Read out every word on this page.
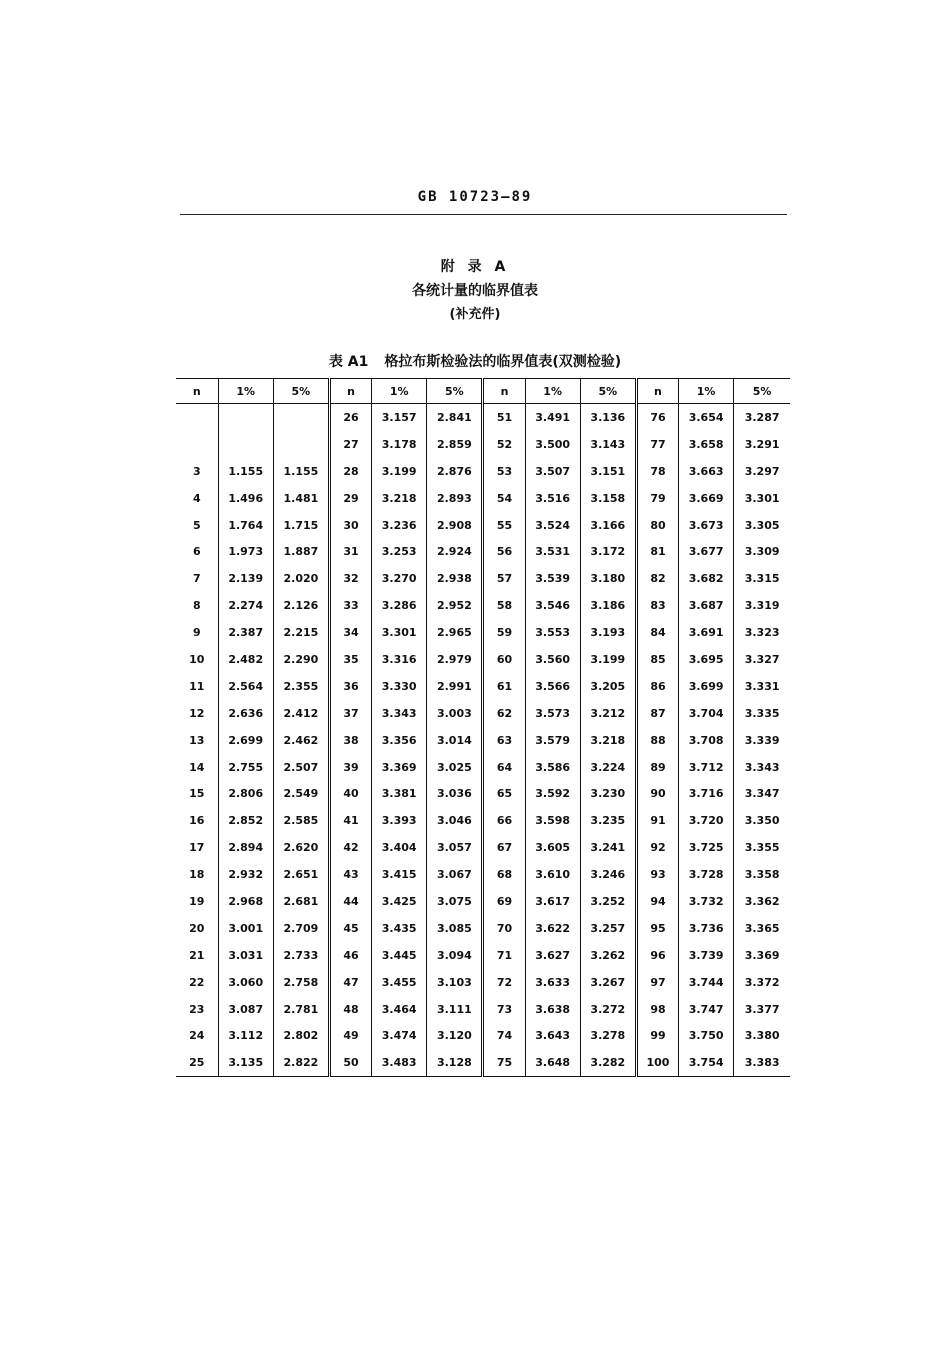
GB 10723—89
附 录 A
各统计量的临界值表
(补充件)
表 A1 格拉布斯检验法的临界值表(双测检验)
n	1%	5%	n	1%	5%	n	1%	5%	n	1%	5%
			26	3.157	2.841	51	3.491	3.136	76	3.654	3.287
			27	3.178	2.859	52	3.500	3.143	77	3.658	3.291
3	1.155	1.155	28	3.199	2.876	53	3.507	3.151	78	3.663	3.297
4	1.496	1.481	29	3.218	2.893	54	3.516	3.158	79	3.669	3.301
5	1.764	1.715	30	3.236	2.908	55	3.524	3.166	80	3.673	3.305
6	1.973	1.887	31	3.253	2.924	56	3.531	3.172	81	3.677	3.309
7	2.139	2.020	32	3.270	2.938	57	3.539	3.180	82	3.682	3.315
8	2.274	2.126	33	3.286	2.952	58	3.546	3.186	83	3.687	3.319
9	2.387	2.215	34	3.301	2.965	59	3.553	3.193	84	3.691	3.323
10	2.482	2.290	35	3.316	2.979	60	3.560	3.199	85	3.695	3.327
11	2.564	2.355	36	3.330	2.991	61	3.566	3.205	86	3.699	3.331
12	2.636	2.412	37	3.343	3.003	62	3.573	3.212	87	3.704	3.335
13	2.699	2.462	38	3.356	3.014	63	3.579	3.218	88	3.708	3.339
14	2.755	2.507	39	3.369	3.025	64	3.586	3.224	89	3.712	3.343
15	2.806	2.549	40	3.381	3.036	65	3.592	3.230	90	3.716	3.347
16	2.852	2.585	41	3.393	3.046	66	3.598	3.235	91	3.720	3.350
17	2.894	2.620	42	3.404	3.057	67	3.605	3.241	92	3.725	3.355
18	2.932	2.651	43	3.415	3.067	68	3.610	3.246	93	3.728	3.358
19	2.968	2.681	44	3.425	3.075	69	3.617	3.252	94	3.732	3.362
20	3.001	2.709	45	3.435	3.085	70	3.622	3.257	95	3.736	3.365
21	3.031	2.733	46	3.445	3.094	71	3.627	3.262	96	3.739	3.369
22	3.060	2.758	47	3.455	3.103	72	3.633	3.267	97	3.744	3.372
23	3.087	2.781	48	3.464	3.111	73	3.638	3.272	98	3.747	3.377
24	3.112	2.802	49	3.474	3.120	74	3.643	3.278	99	3.750	3.380
25	3.135	2.822	50	3.483	3.128	75	3.648	3.282	100	3.754	3.383
